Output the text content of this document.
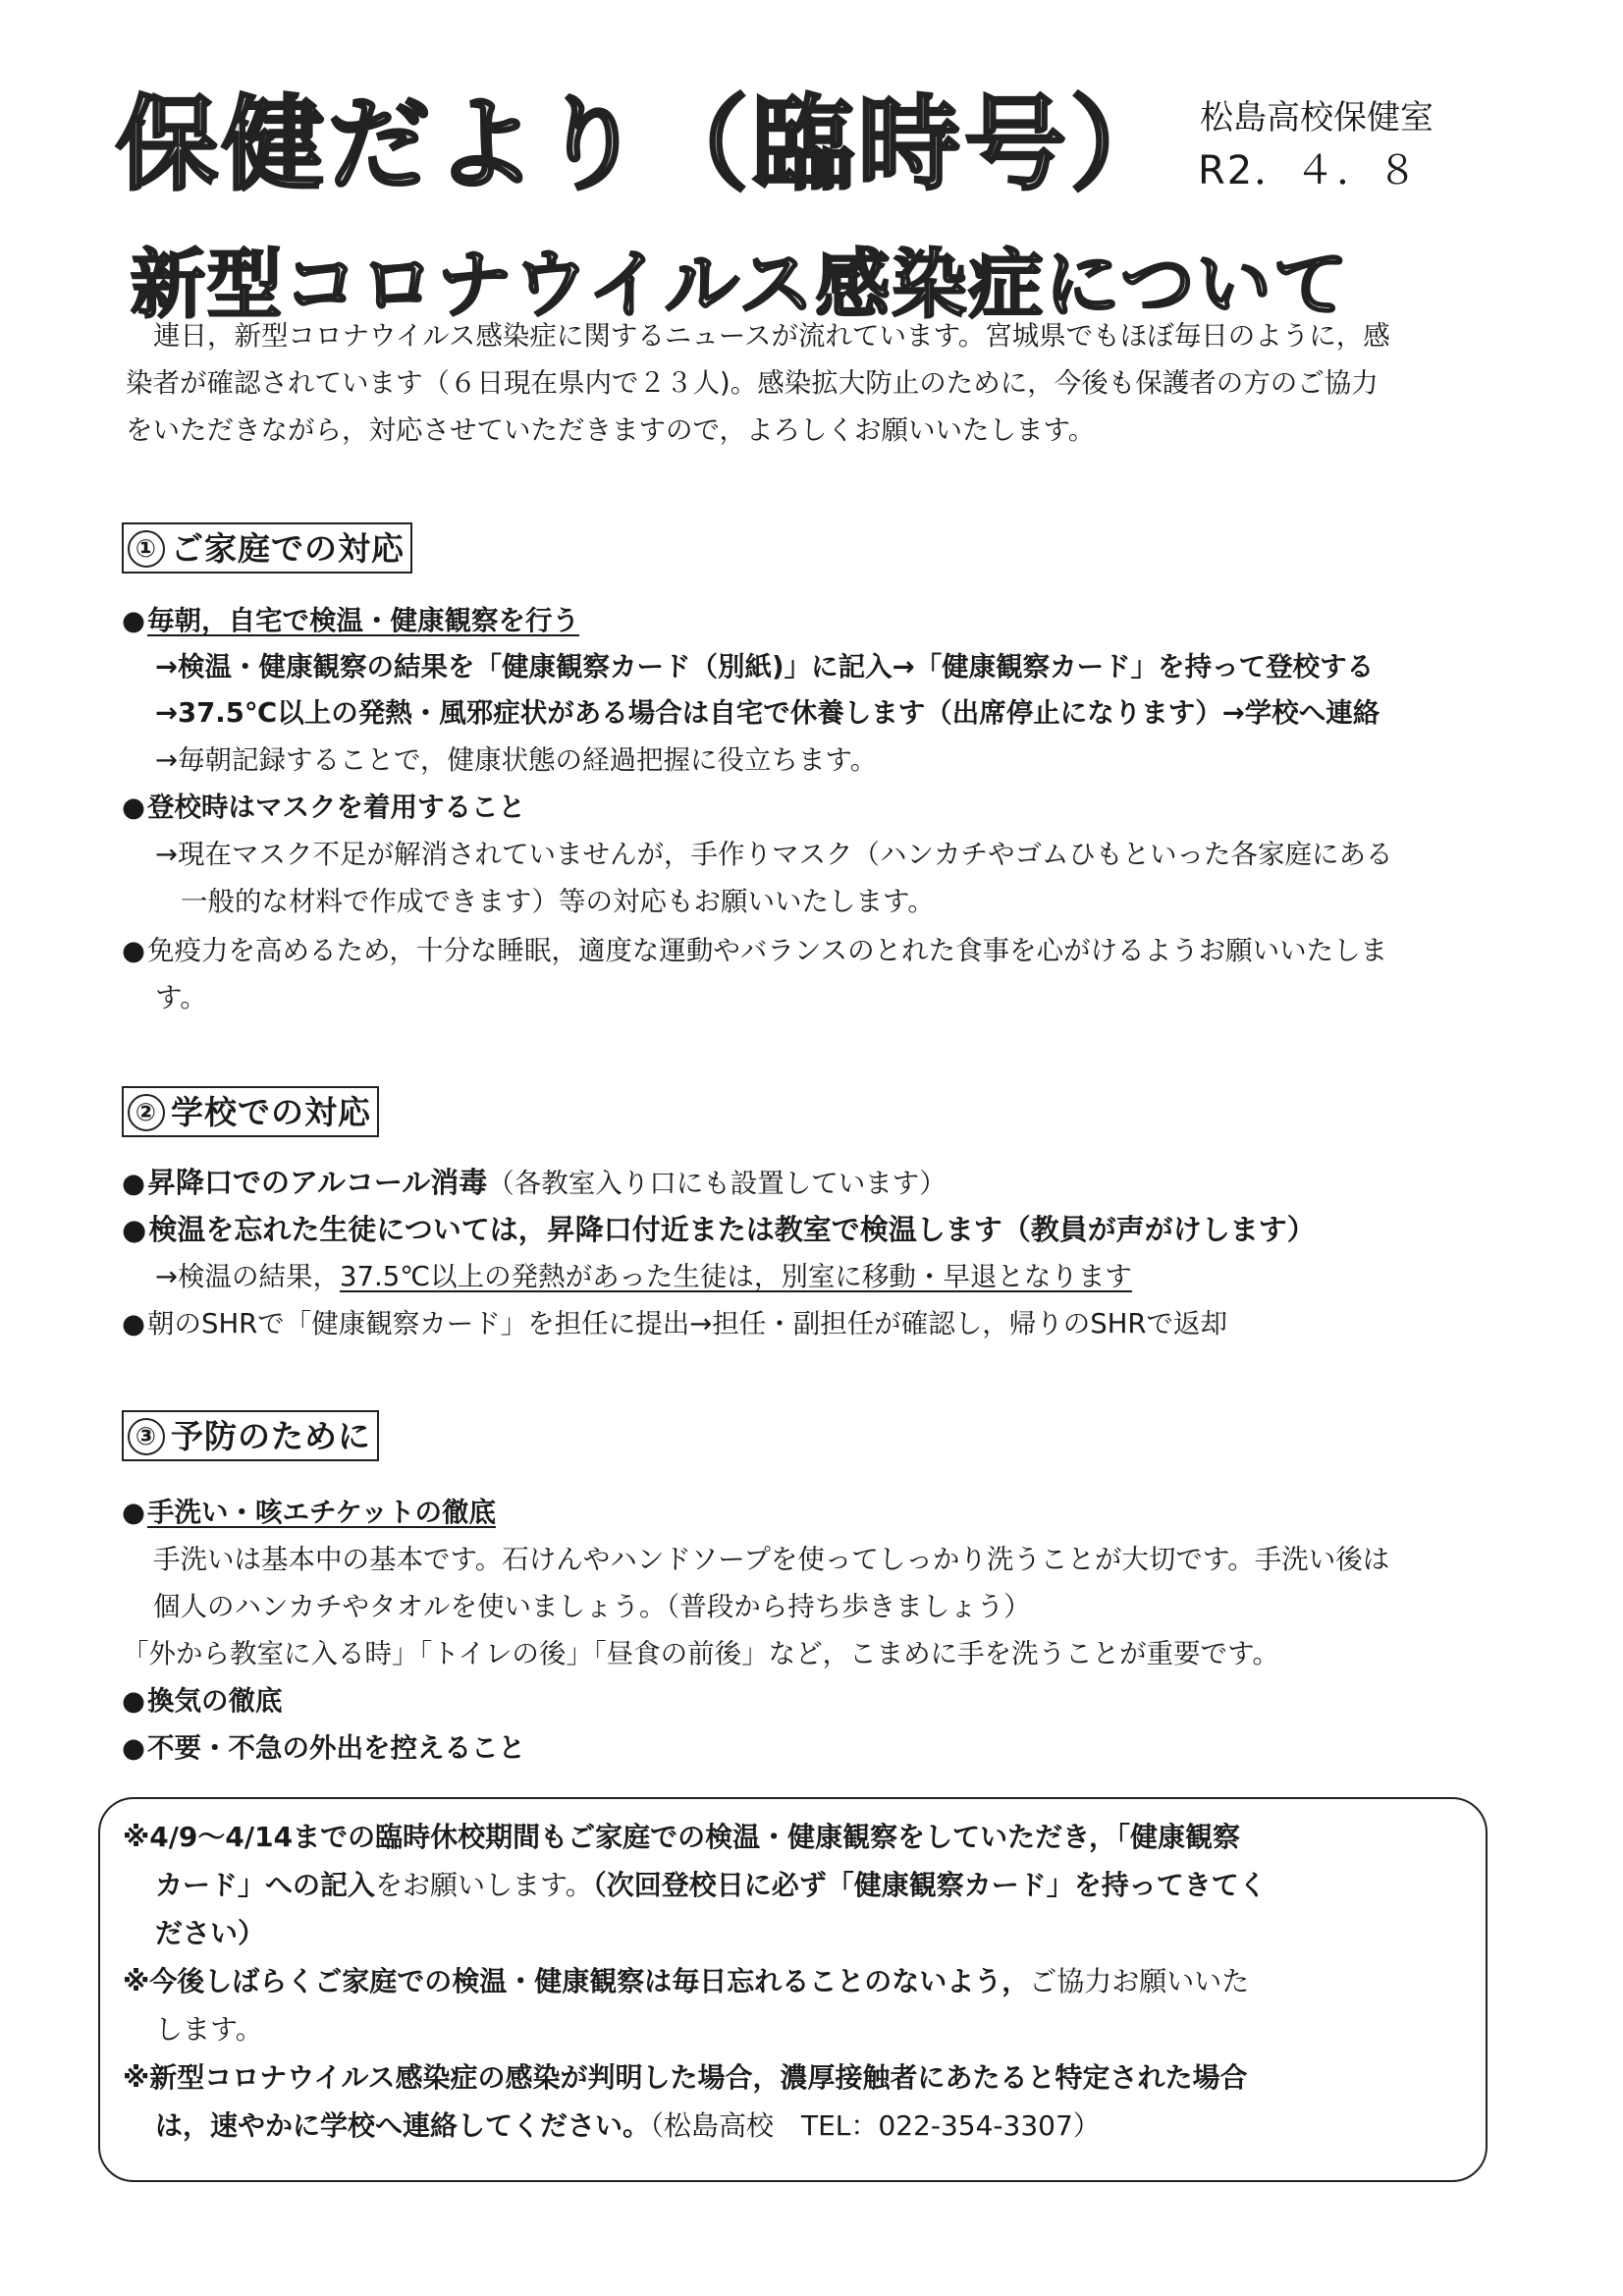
保健だより（臨時号） 松島高校保健室
R2．４．８
新型コロナウイルス感染症について
連日，新型コロナウイルス感染症に関するニュースが流れています。宮城県でもほぼ毎日のように，感
染者が確認されています（６日現在県内で２３人)。感染拡大防止のために，今後も保護者の方のご協力
をいただきながら，対応させていただきますので，よろしくお願いいたします。
① ご家庭での対応
●毎朝，自宅で検温・健康観察を行う
→検温・健康観察の結果を「健康観察カード（別紙)」に記入→「健康観察カード」を持って登校する
→37.5℃以上の発熱・風邪症状がある場合は自宅で休養します（出席停止になります）→学校へ連絡
→毎朝記録することで，健康状態の経過把握に役立ちます。
●登校時はマスクを着用すること
→現在マスク不足が解消されていませんが，手作りマスク（ハンカチやゴムひもといった各家庭にある
一般的な材料で作成できます）等の対応もお願いいたします。
●免疫力を高めるため，十分な睡眠，適度な運動やバランスのとれた食事を心がけるようお願いいたしま
す。
② 学校での対応
●昇降口でのアルコール消毒（各教室入り口にも設置しています）
●検温を忘れた生徒については，昇降口付近または教室で検温します（教員が声がけします）
→検温の結果，37.5℃以上の発熱があった生徒は，別室に移動・早退となります
●朝のSHRで「健康観察カード」を担任に提出→担任・副担任が確認し，帰りのSHRで返却
③ 予防のために
●手洗い・咳エチケットの徹底
手洗いは基本中の基本です。石けんやハンドソープを使ってしっかり洗うことが大切です。手洗い後は
個人のハンカチやタオルを使いましょう。（普段から持ち歩きましょう）
「外から教室に入る時」「トイレの後」「昼食の前後」など，こまめに手を洗うことが重要です。
●換気の徹底
●不要・不急の外出を控えること
※4/9〜4/14までの臨時休校期間もご家庭での検温・健康観察をしていただき，「健康観察
カード」への記入をお願いします。（次回登校日に必ず「健康観察カード」を持ってきてく
ださい）
※今後しばらくご家庭での検温・健康観察は毎日忘れることのないよう，ご協力お願いいた
します。
※新型コロナウイルス感染症の感染が判明した場合，濃厚接触者にあたると特定された場合
は，速やかに学校へ連絡してください。（松島高校　TEL：022-354-3307）
